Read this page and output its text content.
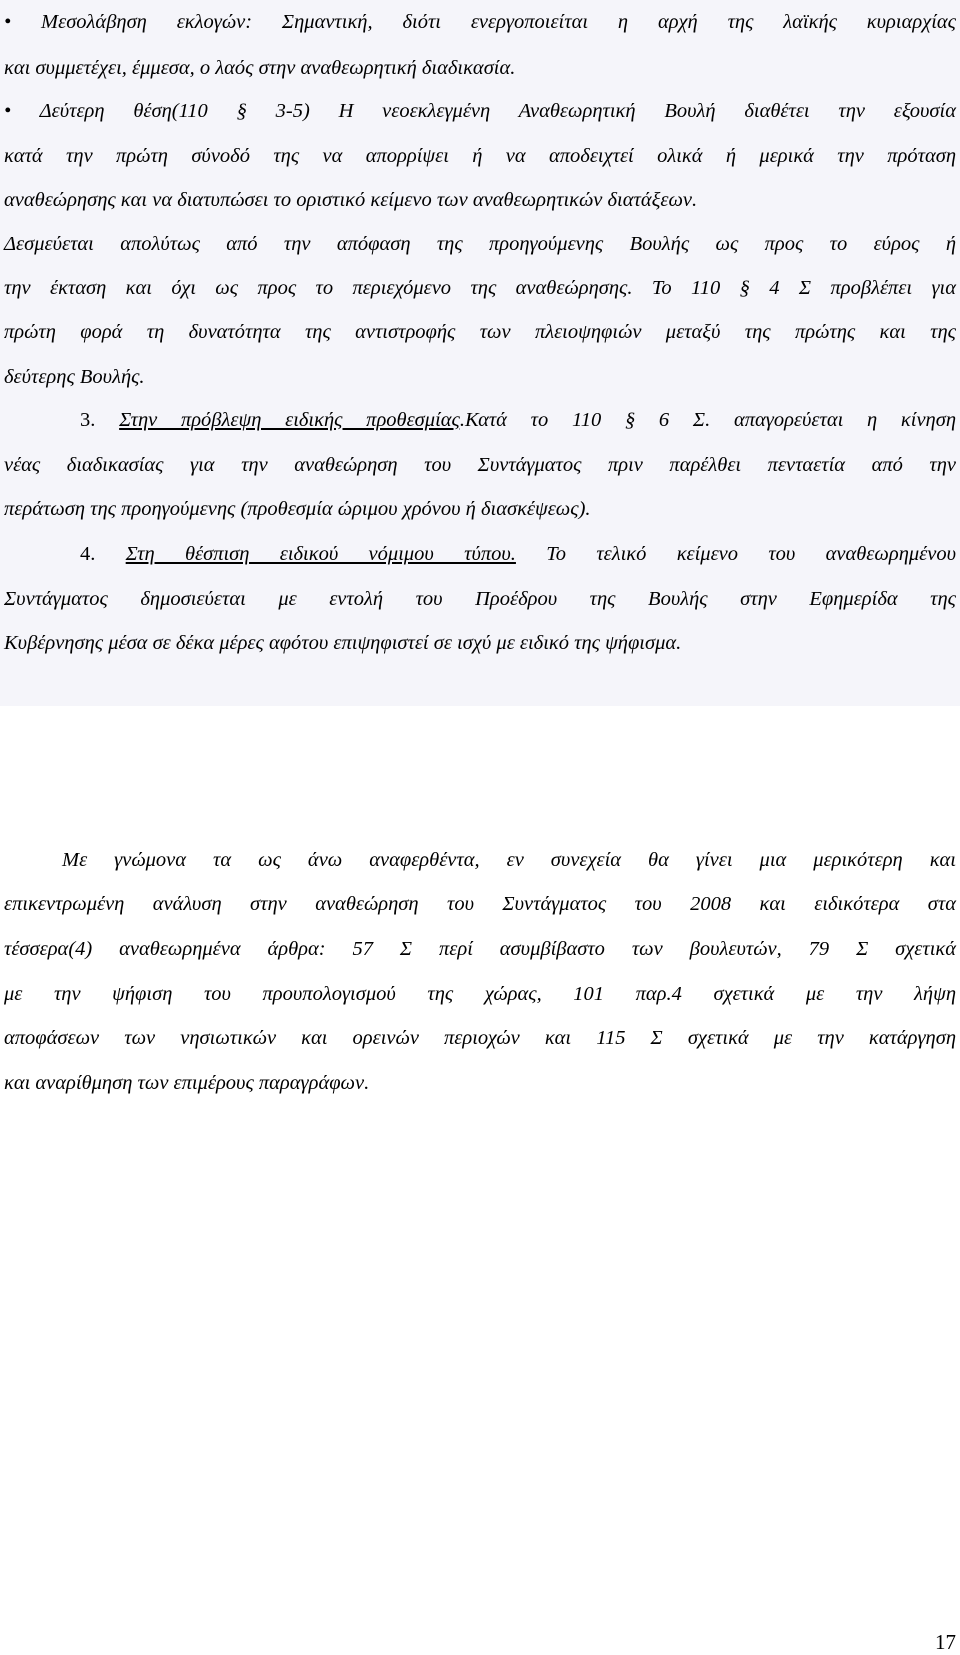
• Μεσολάβηση εκλογών: Σημαντική, διότι ενεργοποιείται η αρχή της λαϊκής κυριαρχίας
και συμμετέχει, έμμεσα, ο λαός στην αναθεωρητική διαδικασία.
• Δεύτερη θέση(110 § 3-5) Η νεοεκλεγμένη Αναθεωρητική Βουλή διαθέτει την εξουσία
κατά την πρώτη σύνοδό της να απορρίψει ή να αποδειχτεί ολικά ή μερικά την πρόταση
αναθεώρησης και να διατυπώσει το οριστικό κείμενο των αναθεωρητικών διατάξεων.
Δεσμεύεται απολύτως από την απόφαση της προηγούμενης Βουλής ως προς το εύρος ή
την έκταση και όχι ως προς το περιεχόμενο της αναθεώρησης. Το 110 § 4 Σ προβλέπει για
πρώτη φορά τη δυνατότητα της αντιστροφής των πλειοψηφιών μεταξύ της πρώτης και της
δεύτερης Βουλής.
3. Στην πρόβλεψη ειδικής προθεσμίας.Κατά το 110 § 6 Σ. απαγορεύεται η κίνηση
νέας διαδικασίας για την αναθεώρηση του Συντάγματος πριν παρέλθει πενταετία από την
περάτωση της προηγούμενης (προθεσμία ώριμου χρόνου ή διασκέψεως).
4. Στη θέσπιση ειδικού νόμιμου τύπου. Το τελικό κείμενο του αναθεωρημένου
Συντάγματος δημοσιεύεται με εντολή του Προέδρου της Βουλής στην Εφημερίδα της
Κυβέρνησης μέσα σε δέκα μέρες αφότου επιψηφιστεί σε ισχύ με ειδικό της ψήφισμα.
Με γνώμονα τα ως άνω αναφερθέντα, εν συνεχεία θα γίνει μια μερικότερη και
επικεντρωμένη ανάλυση στην αναθεώρηση του Συντάγματος του 2008 και ειδικότερα στα
τέσσερα(4) αναθεωρημένα άρθρα: 57 Σ περί ασυμβίβαστο των βουλευτών, 79 Σ σχετικά
με την ψήφιση του προυπολογισμού της χώρας, 101 παρ.4 σχετικά με την λήψη
αποφάσεων των νησιωτικών και ορεινών περιοχών και 115 Σ σχετικά με την κατάργηση
και αναρίθμηση των επιμέρους παραγράφων.
17
